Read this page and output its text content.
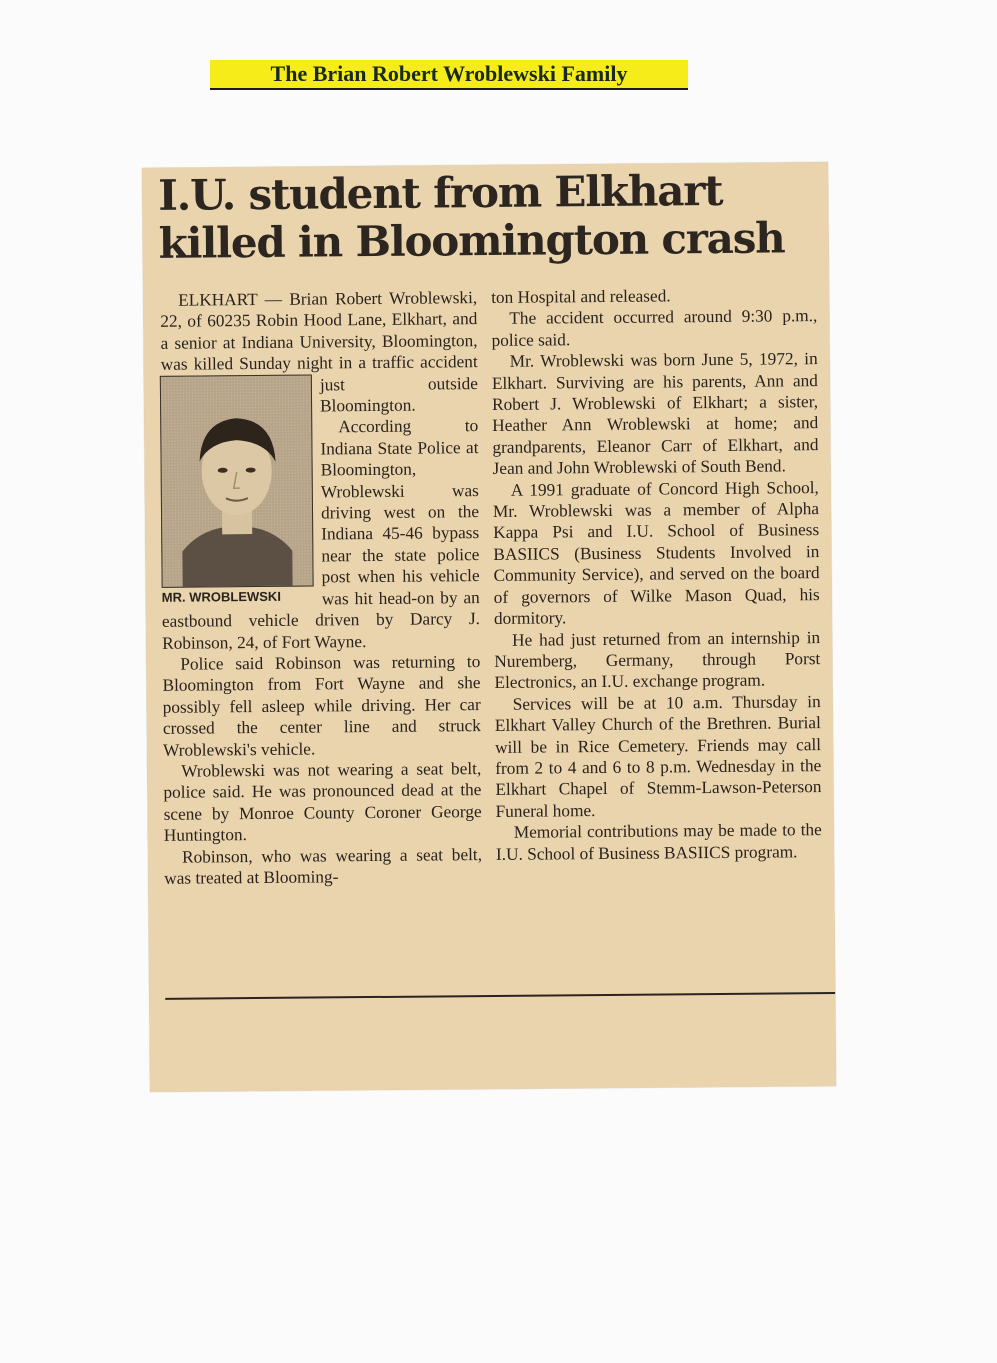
The Brian Robert Wroblewski Family
I.U. student from Elkhart
killed in Bloomington crash
MR. WROBLEWSKI

ELKHART — Brian Robert Wroblewski, 22, of 60235 Robin Hood Lane, Elkhart, and a senior at Indiana University, Bloomington, was killed Sunday night in a traffic accident just outside Bloomington.

According to Indiana State Police at Bloomington, Wroblewski was driving west on the Indiana 45-46 bypass near the state police post when his vehicle was hit head-on by an eastbound vehicle driven by Darcy J. Robinson, 24, of Fort Wayne.

Police said Robinson was returning to Bloomington from Fort Wayne and she possibly fell asleep while driving. Her car crossed the center line and struck Wroblewski's vehicle.

Wroblewski was not wearing a seat belt, police said. He was pronounced dead at the scene by Monroe County Coroner George Huntington.

Robinson, who was wearing a seat belt, was treated at Blooming-

ton Hospital and released.

The accident occurred around 9:30 p.m., police said.

Mr. Wroblewski was born June 5, 1972, in Elkhart. Surviving are his parents, Ann and Robert J. Wroblewski of Elkhart; a sister, Heather Ann Wroblewski at home; and grandparents, Eleanor Carr of Elkhart, and Jean and John Wroblewski of South Bend.

A 1991 graduate of Concord High School, Mr. Wroblewski was a member of Alpha Kappa Psi and I.U. School of Business BASIICS (Business Students Involved in Community Service), and served on the board of governors of Wilke Mason Quad, his dormitory.

He had just returned from an internship in Nuremberg, Germany, through Porst Electronics, an I.U. exchange program.

Services will be at 10 a.m. Thursday in Elkhart Valley Church of the Brethren. Burial will be in Rice Cemetery. Friends may call from 2 to 4 and 6 to 8 p.m. Wednesday in the Elkhart Chapel of Stemm-Lawson-Peterson Funeral home.

Memorial contributions may be made to the I.U. School of Business BASIICS program.
